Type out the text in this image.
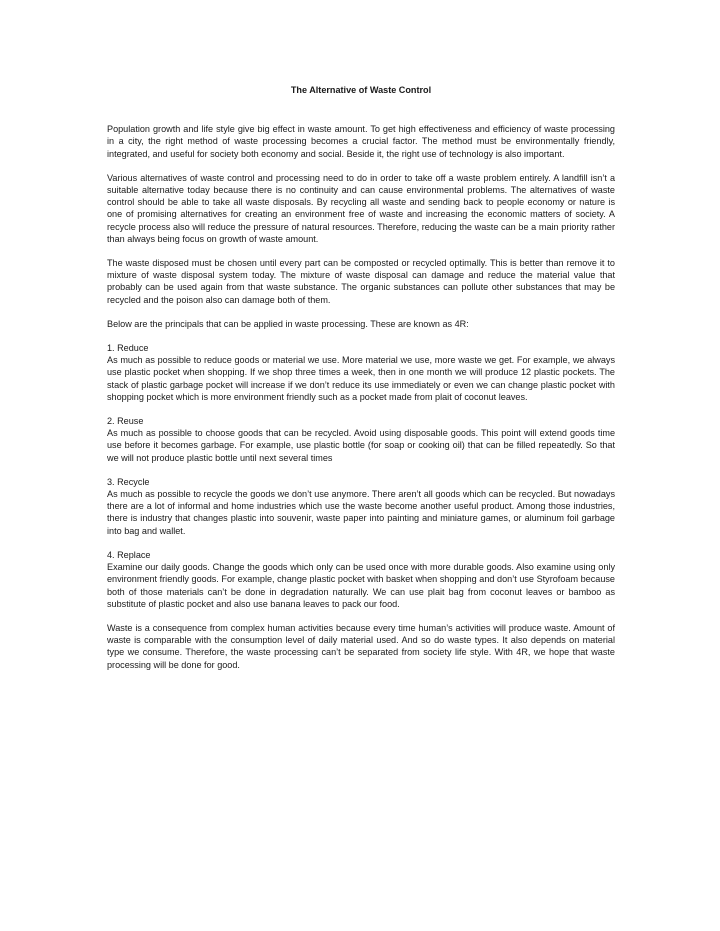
The Alternative of Waste Control

Population growth and life style give big effect in waste amount. To get high effectiveness and efficiency of waste processing in a city, the right method of waste processing becomes a crucial factor. The method must be environmentally friendly, integrated, and useful for society both economy and social. Beside it, the right use of technology is also important.

Various alternatives of waste control and processing need to do in order to take off a waste problem entirely. A landfill isn’t a suitable alternative today because there is no continuity and can cause environmental problems. The alternatives of waste control should be able to take all waste disposals. By recycling all waste and sending back to people economy or nature is one of promising alternatives for creating an environment free of waste and increasing the economic matters of society. A recycle process also will reduce the pressure of natural resources. Therefore, reducing the waste can be a main priority rather than always being focus on growth of waste amount.

The waste disposed must be chosen until every part can be composted or recycled optimally. This is better than remove it to mixture of waste disposal system today. The mixture of waste disposal can damage and reduce the material value that probably can be used again from that waste substance. The organic substances can pollute other substances that may be recycled and the poison also can damage both of them.

Below are the principals that can be applied in waste processing. These are known as 4R:

1. Reduce

As much as possible to reduce goods or material we use. More material we use, more waste we get. For example, we always use plastic pocket when shopping. If we shop three times a week, then in one month we will produce 12 plastic pockets. The stack of plastic garbage pocket will increase if we don’t reduce its use immediately or even we can change plastic pocket with shopping pocket which is more environment friendly such as a pocket made from plait of coconut leaves.

2. Reuse

As much as possible to choose goods that can be recycled. Avoid using disposable goods. This point will extend goods time use before it becomes garbage. For example, use plastic bottle (for soap or cooking oil) that can be filled repeatedly. So that we will not produce plastic bottle until next several times

3. Recycle

As much as possible to recycle the goods we don’t use anymore. There aren’t all goods which can be recycled. But nowadays there are a lot of informal and home industries which use the waste become another useful product. Among those industries, there is industry that changes plastic into souvenir, waste paper into painting and miniature games, or aluminum foil garbage into bag and wallet.

4. Replace

Examine our daily goods. Change the goods which only can be used once with more durable goods. Also examine using only environment friendly goods. For example, change plastic pocket with basket when shopping and don’t use Styrofoam because both of those materials can’t be done in degradation naturally. We can use plait bag from coconut leaves or bamboo as substitute of plastic pocket and also use banana leaves to pack our food.

Waste is a consequence from complex human activities because every time human’s activities will produce waste. Amount of waste is comparable with the consumption level of daily material used. And so do waste types. It also depends on material type we consume. Therefore, the waste processing can’t be separated from society life style. With 4R, we hope that waste processing will be done for good.
